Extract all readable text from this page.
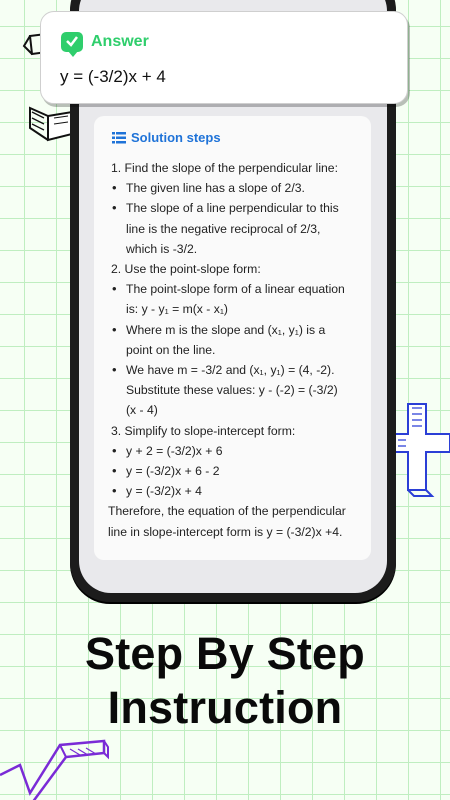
Answer
y = (-3/2)x + 4
Solution steps
1. Find the slope of the perpendicular line:
• The given line has a slope of 2/3.
• The slope of a line perpendicular to this
line is the negative reciprocal of 2/3,
which is -3/2.
2. Use the point-slope form:
• The point-slope form of a linear equation
is: y - y₁ = m(x - x₁)
• Where m is the slope and (x₁, y₁) is a
point on the line.
• We have m = -3/2 and (x₁, y₁) = (4, -2).
Substitute these values: y - (-2) = (-3/2)
(x - 4)
3. Simplify to slope-intercept form:
• y + 2 = (-3/2)x + 6
• y = (-3/2)x + 6 - 2
• y = (-3/2)x + 4
Therefore, the equation of the perpendicular
line in slope-intercept form is y = (-3/2)x +4.
Step By Step
Instruction
